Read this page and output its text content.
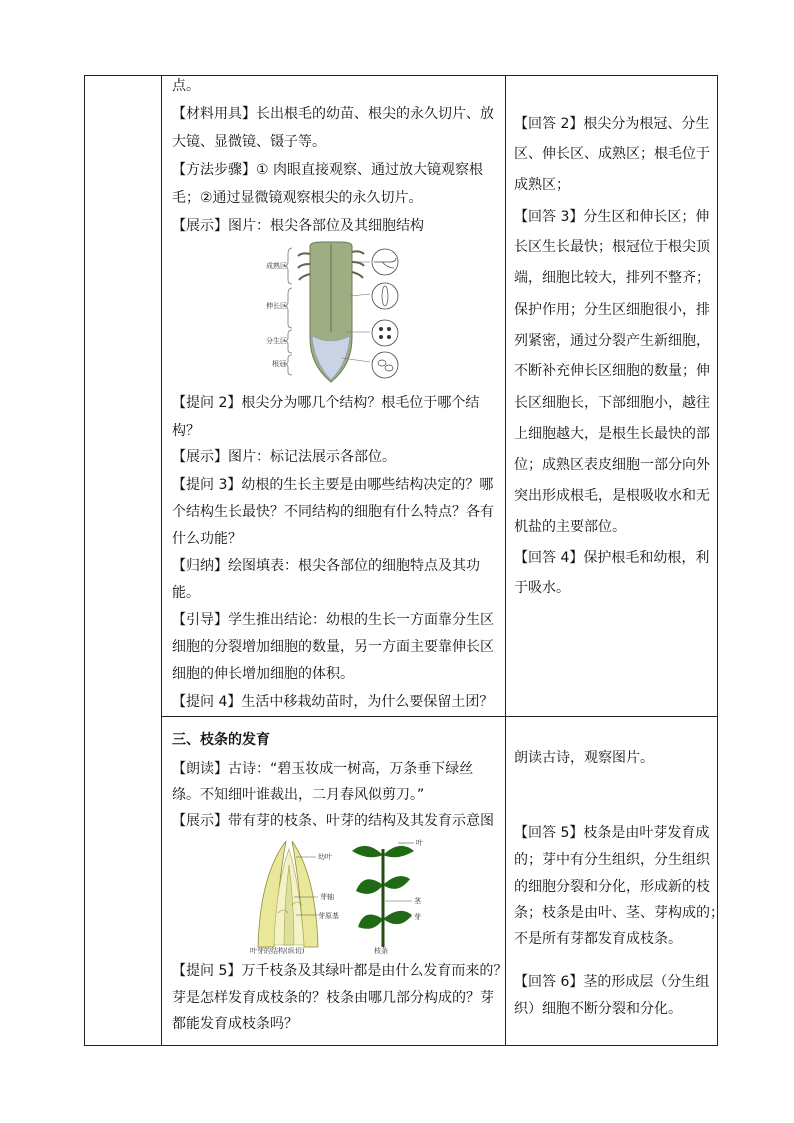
点。

【材料用具】长出根毛的幼苗、根尖的永久切片、放

大镜、显微镜、镊子等。

【方法步骤】① 肉眼直接观察、通过放大镜观察根

毛；②通过显微镜观察根尖的永久切片。

【展示】图片：根尖各部位及其细胞结构

成熟区
伸长区
分生区
根冠

【提问 2】根尖分为哪几个结构？根毛位于哪个结

构？

【展示】图片：标记法展示各部位。

【提问 3】幼根的生长主要是由哪些结构决定的？哪

个结构生长最快？不同结构的细胞有什么特点？各有

什么功能？

【归纳】绘图填表：根尖各部位的细胞特点及其功

能。

【引导】学生推出结论：幼根的生长一方面靠分生区

细胞的分裂增加细胞的数量，另一方面主要靠伸长区

细胞的伸长增加细胞的体积。

【提问 4】生活中移栽幼苗时，为什么要保留土团？

三、枝条的发育

【朗读】古诗：“碧玉妆成一树高，万条垂下绿丝

绦。不知细叶谁裁出，二月春风似剪刀。”

【展示】带有芽的枝条、叶芽的结构及其发育示意图

幼叶
芽轴
芽原基
叶芽的结构(纵切)
叶
茎
芽
枝条

【提问 5】万千枝条及其绿叶都是由什么发育而来的？

芽是怎样发育成枝条的？枝条由哪几部分构成的？芽

都能发育成枝条吗？

【回答 2】根尖分为根冠、分生

区、伸长区、成熟区；根毛位于

成熟区；

【回答 3】分生区和伸长区；伸

长区生长最快；根冠位于根尖顶

端，细胞比较大，排列不整齐；

保护作用；分生区细胞很小，排

列紧密，通过分裂产生新细胞，

不断补充伸长区细胞的数量；伸

长区细胞长，下部细胞小，越往

上细胞越大，是根生长最快的部

位；成熟区表皮细胞一部分向外

突出形成根毛，是根吸收水和无

机盐的主要部位。

【回答 4】保护根毛和幼根，利

于吸水。

朗读古诗，观察图片。

【回答 5】枝条是由叶芽发育成

的；芽中有分生组织，分生组织

的细胞分裂和分化，形成新的枝

条；枝条是由叶、茎、芽构成的；

不是所有芽都发育成枝条。

【回答 6】茎的形成层（分生组

织）细胞不断分裂和分化。
